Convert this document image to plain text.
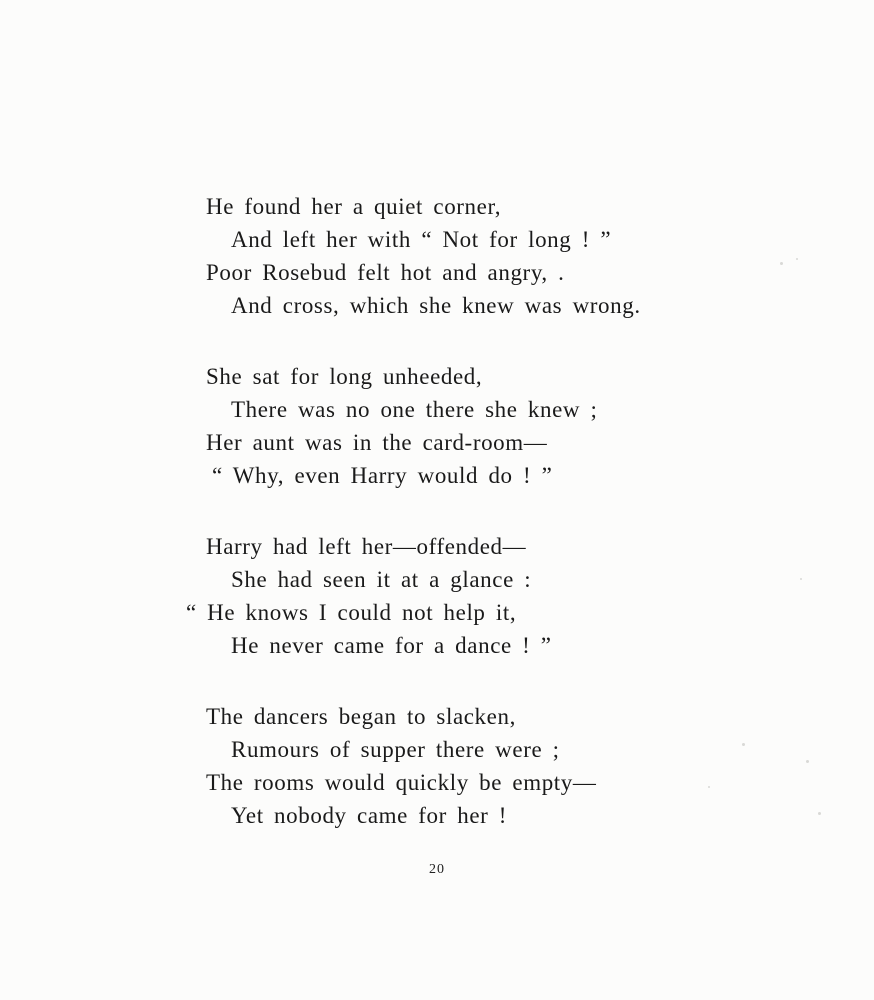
He found her a quiet corner,
And left her with “ Not for long ! ”
Poor Rosebud felt hot and angry, .
And cross, which she knew was wrong.
She sat for long unheeded,
There was no one there she knew ;
Her aunt was in the card-room—
“ Why, even Harry would do ! ”
Harry had left her—offended—
She had seen it at a glance :
“ He knows I could not help it,
He never came for a dance ! ”
The dancers began to slacken,
Rumours of supper there were ;
The rooms would quickly be empty—
Yet nobody came for her !
20
